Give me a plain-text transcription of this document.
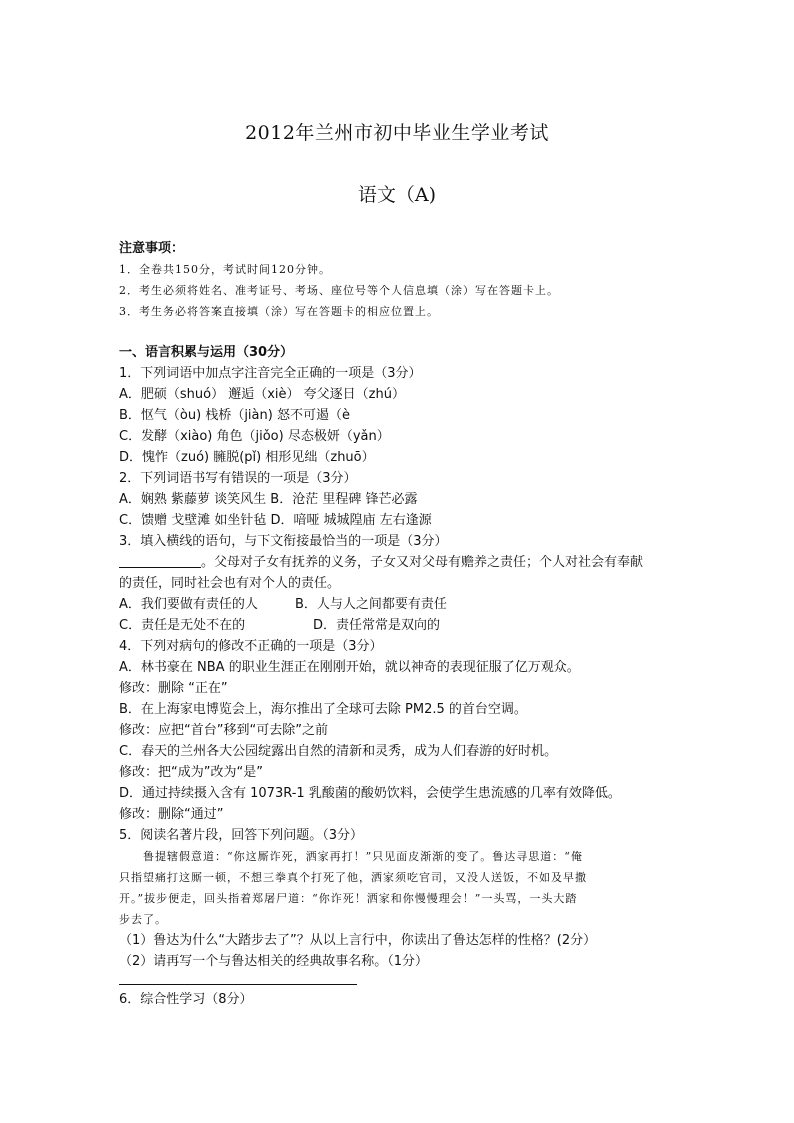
2012年兰州市初中毕业生学业考试
语文（A)
注意事项：
1．全卷共150分，考试时间120分钟。
2．考生必须将姓名、准考证号、考场、座位号等个人信息填（涂）写在答题卡上。
3．考生务必将答案直接填（涂）写在答题卡的相应位置上。
一、语言积累与运用（30分）
1．下列词语中加点字注音完全正确的一项是（3分）
A．肥硕（shuó） 邂逅（xiè） 夸父逐日（zhú）
B．怄气（òu) 栈桥（jiàn) 怒不可遏（è
C．发酵（xiào) 角色（jiǒo) 尽态极妍（yǎn）
D．愧怍（zuó) 臃脱(pǐ) 相形见绌（zhuō）
2．下列词语书写有错误的一项是（3分）
A．娴熟 紫藤萝 谈笑风生 B．沧茫 里程碑 锋芒必露
C．馈赠 戈壁滩 如坐针毡 D．喑哑 城城隍庙 左右逢源
3．填入横线的语句，与下文衔接最恰当的一项是（3分）
。父母对子女有抚养的义务，子女又对父母有赡养之责任；个人对社会有奉献
的责任，同时社会也有对个人的责任。
A．我们要做有责任的人	B．人与人之间都要有责任
C．责任是无处不在的	D．责任常常是双向的
4．下列对病句的修改不正确的一项是（3分）
A．林书豪在 NBA 的职业生涯正在刚刚开始，就以神奇的表现征服了亿万观众。
修改：删除 “正在”
B．在上海家电博览会上，海尔推出了全球可去除 PM2.5 的首台空调。
修改：应把“首台”移到“可去除”之前
C．春天的兰州各大公园绽露出自然的清新和灵秀，成为人们春游的好时机。
修改：把“成为”改为“是”
D．通过持续摄入含有 1073R-1 乳酸菌的酸奶饮料，会使学生患流感的几率有效降低。
修改：删除“通过”
5．阅读名著片段，回答下列问题。（3分）
鲁提辖假意道：“你这厮诈死，洒家再打！”只见面皮渐渐的变了。鲁达寻思道：“俺
只指望痛打这厮一顿，不想三拳真个打死了他，洒家须吃官司，又没人送饭，不如及早撒
开。”拔步便走，回头指着郑屠尸道：“你诈死！洒家和你慢慢理会！”一头骂，一头大踏
步去了。
（1）鲁达为什么“大踏步去了”？从以上言行中，你读出了鲁达怎样的性格？(2分）
（2）请再写一个与鲁达相关的经典故事名称。（1分）
6．综合性学习（8分）
